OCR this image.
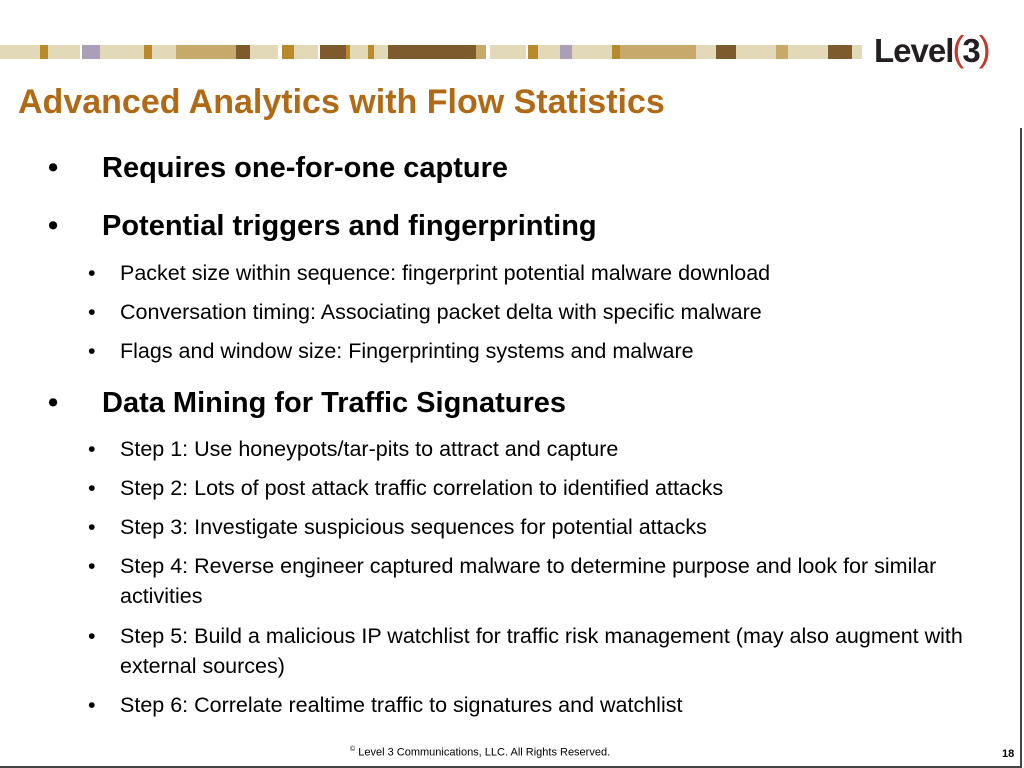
Level ( 3 )
Advanced Analytics with Flow Statistics
• Requires one-for-one capture
• Potential triggers and fingerprinting
• Packet size within sequence: fingerprint potential malware download
• Conversation timing: Associating packet delta with specific malware
• Flags and window size: Fingerprinting systems and malware
• Data Mining for Traffic Signatures
• Step 1: Use honeypots/tar-pits to attract and capture
• Step 2: Lots of post attack traffic correlation to identified attacks
• Step 3: Investigate suspicious sequences for potential attacks
• Step 4: Reverse engineer captured malware to determine purpose and look for similar activities
• Step 5: Build a malicious IP watchlist for traffic risk management (may also augment with external sources)
• Step 6: Correlate realtime traffic to signatures and watchlist
© Level 3 Communications, LLC. All Rights Reserved.	18
